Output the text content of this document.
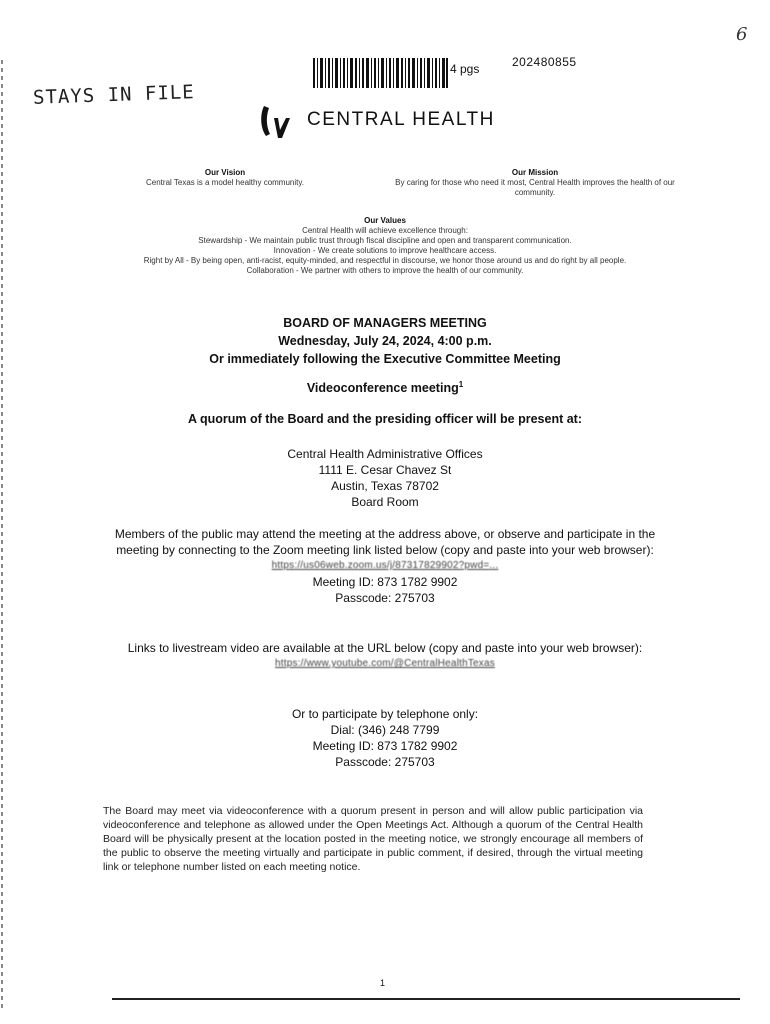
6
STAYS IN FILE
4 pgs	202480855
CENTRAL HEALTH
Our Vision
Central Texas is a model healthy community.
Our Mission
By caring for those who need it most, Central Health improves the health of our community.
Our Values
Central Health will achieve excellence through:
Stewardship - We maintain public trust through fiscal discipline and open and transparent communication.
Innovation - We create solutions to improve healthcare access.
Right by All - By being open, anti-racist, equity-minded, and respectful in discourse, we honor those around us and do right by all people.
Collaboration - We partner with others to improve the health of our community.
BOARD OF MANAGERS MEETING
Wednesday, July 24, 2024, 4:00 p.m.
Or immediately following the Executive Committee Meeting
Videoconference meeting$^1$
A quorum of the Board and the presiding officer will be present at:
Central Health Administrative Offices
1111 E. Cesar Chavez St
Austin, Texas 78702
Board Room
Members of the public may attend the meeting at the address above, or observe and participate in the meeting by connecting to the Zoom meeting link listed below (copy and paste into your web browser):
https://us06web.zoom.us/j/87317829902?pwd=...
Meeting ID: 873 1782 9902
Passcode: 275703
Links to livestream video are available at the URL below (copy and paste into your web browser):
https://www.youtube.com/@CentralHealthTexas
Or to participate by telephone only:
Dial: (346) 248 7799
Meeting ID: 873 1782 9902
Passcode: 275703
The Board may meet via videoconference with a quorum present in person and will allow public participation via videoconference and telephone as allowed under the Open Meetings Act. Although a quorum of the Central Health Board will be physically present at the location posted in the meeting notice, we strongly encourage all members of the public to observe the meeting virtually and participate in public comment, if desired, through the virtual meeting link or telephone number listed on each meeting notice.
1
